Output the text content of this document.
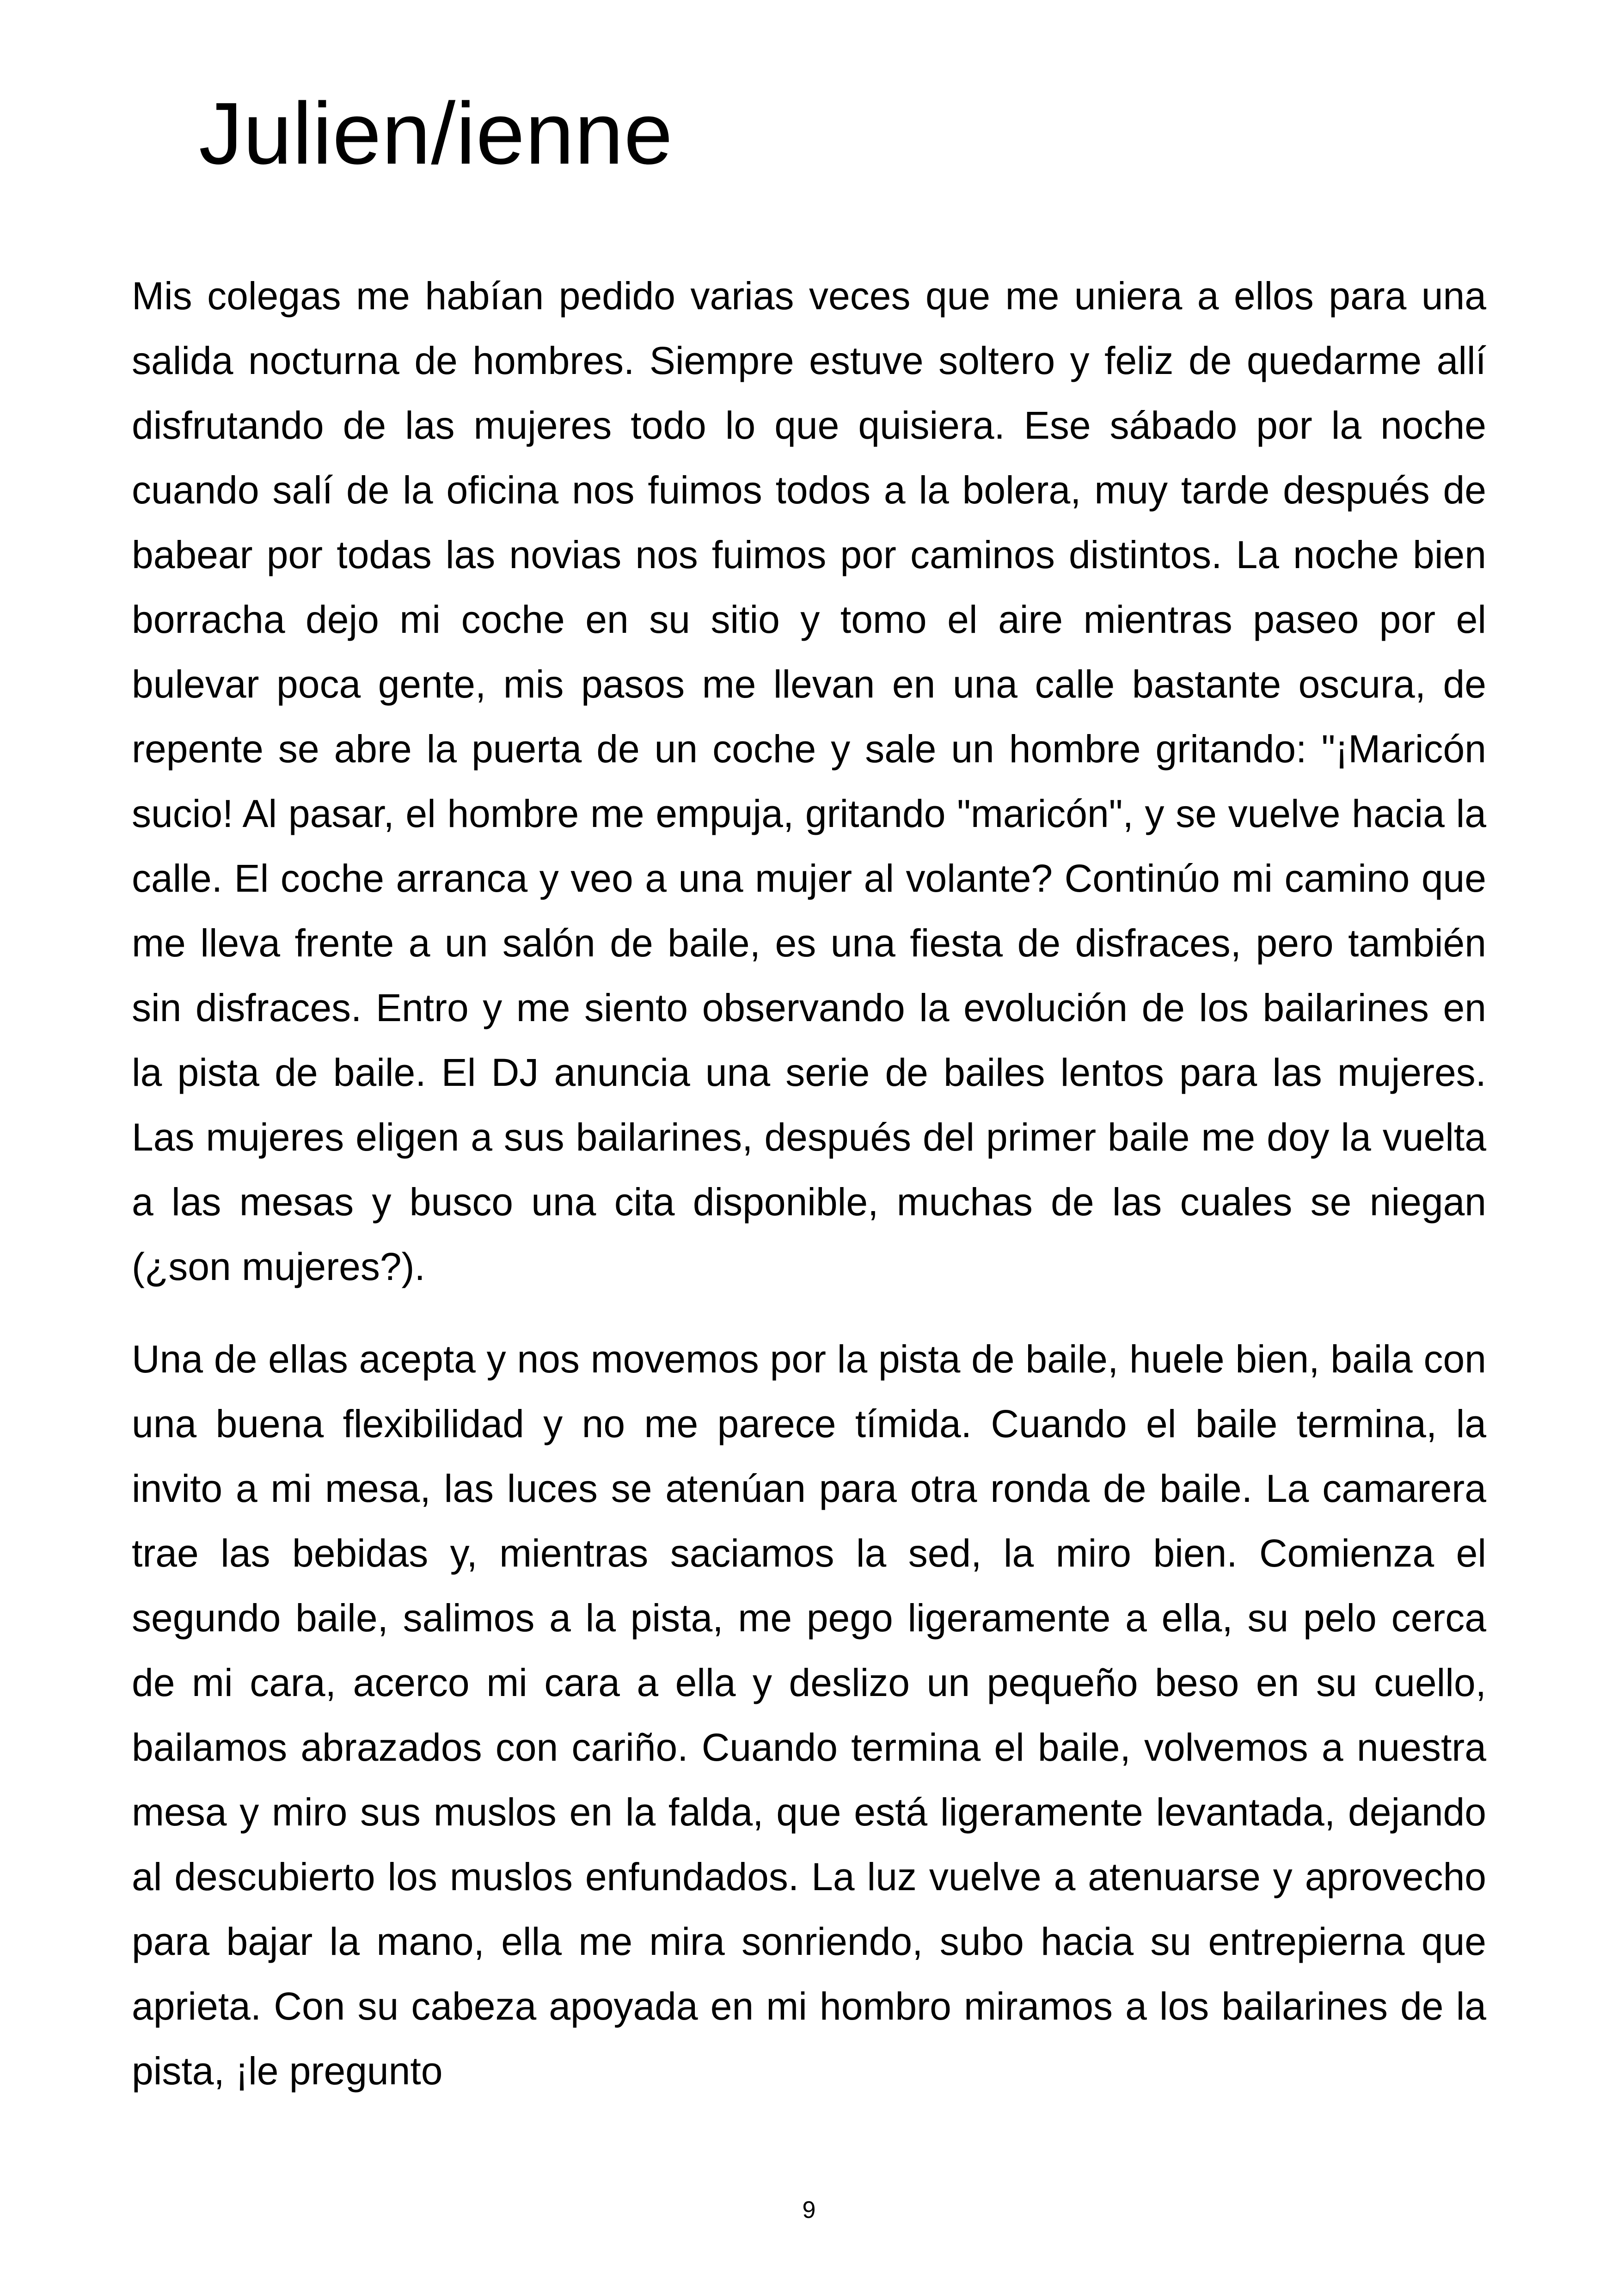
Julien/ienne

Mis colegas me habían pedido varias veces que me uniera a ellos para una salida nocturna de hombres. Siempre estuve soltero y feliz de quedarme allí disfrutando de las mujeres todo lo que quisiera. Ese sábado por la noche cuando salí de la oficina nos fuimos todos a la bolera, muy tarde después de babear por todas las novias nos fuimos por caminos distintos. La noche bien borracha dejo mi coche en su sitio y tomo el aire mientras paseo por el bulevar poca gente, mis pasos me llevan en una calle bastante oscura, de repente se abre la puerta de un coche y sale un hombre gritando: "¡Maricón sucio! Al pasar, el hombre me empuja, gritando "maricón", y se vuelve hacia la calle. El coche arranca y veo a una mujer al volante? Continúo mi camino que me lleva frente a un salón de baile, es una fiesta de disfraces, pero también sin disfraces. Entro y me siento observando la evolución de los bailarines en la pista de baile. El DJ anuncia una serie de bailes lentos para las mujeres. Las mujeres eligen a sus bailarines, después del primer baile me doy la vuelta a las mesas y busco una cita disponible, muchas de las cuales se niegan (¿son mujeres?).

Una de ellas acepta y nos movemos por la pista de baile, huele bien, baila con una buena flexibilidad y no me parece tímida. Cuando el baile termina, la invito a mi mesa, las luces se atenúan para otra ronda de baile. La camarera trae las bebidas y, mientras saciamos la sed, la miro bien. Comienza el segundo baile, salimos a la pista, me pego ligeramente a ella, su pelo cerca de mi cara, acerco mi cara a ella y deslizo un pequeño beso en su cuello, bailamos abrazados con cariño. Cuando termina el baile, volvemos a nuestra mesa y miro sus muslos en la falda, que está ligeramente levantada, dejando al descubierto los muslos enfundados. La luz vuelve a atenuarse y aprovecho para bajar la mano, ella me mira sonriendo, subo hacia su entrepierna que aprieta. Con su cabeza apoyada en mi hombro miramos a los bailarines de la pista, ¡le pregunto

9
